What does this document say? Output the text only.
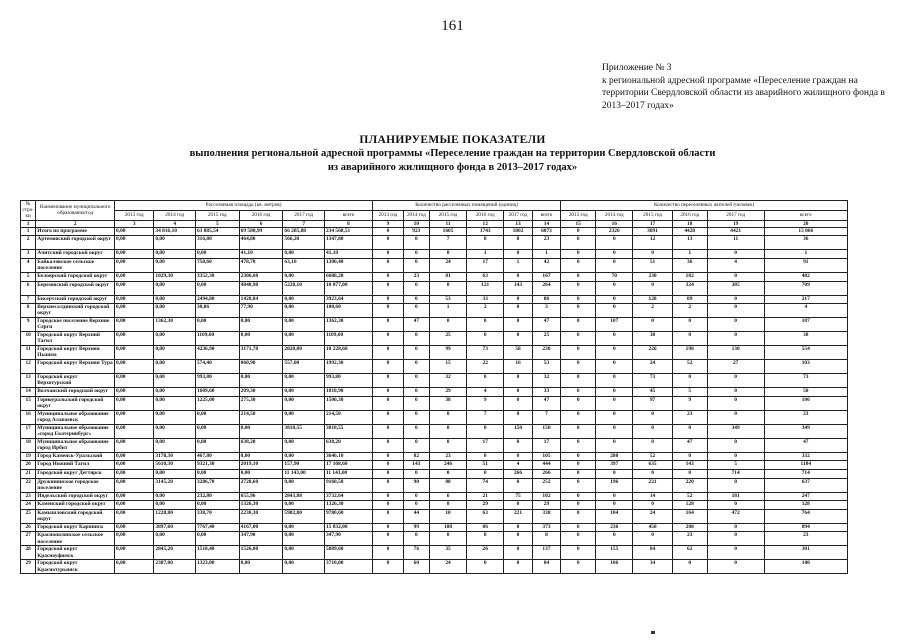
161
Приложение № 3
к региональной адресной программе «Переселение граждан на
территории Свердловской области из аварийного жилищного фонда в
2013–2017 годах»
ПЛАНИРУЕМЫЕ ПОКАЗАТЕЛИ
выполнения региональной адресной программы «Переселение граждан на территории Свердловской области
из аварийного жилищного фонда в 2013–2017 годах»
№ стро- ки	Наименование муниципального образования/год	Расселяемая площадь (кв. метров)						Количество расселенных помещений (единиц)						Количество переселенных жителей (человек)					
		2013 год	2014 год	2015 год	2016 год	2017 год	всего	2013 год	2014 год	2015 год	2016 год	2017 год	всего	2013 год	2014 год	2015 год	2016 год	2017 год	всего
1	2	3	4	5	6	7	8	9	10	11	12	13	14	15	16	17	18	19	20
1	Итого по программе	0,00	34 816,10	63 885,54	69 580,99	66 285,88	234 568,51	0	923	1605	1743	1802	6073	0	2326	3891	4428	4421	15 066
2	Артемовский городской округ	0,00	0,00	316,80	464,80	566,20	1347,80	0	0	7	8	8	23	0	0	12	13	11	36
3	Ачитский городской округ	0,00	0,00	0,00	41,10	0,00	41,10	0	0	0	1	0	1	0	0	0	1	0	1
4	Байкаловское сельское поселение	0,00	0,00	758,60	478,70	63,10	1300,40	0	0	24	17	1	42	0	0	51	36	4	91
5	Белоярский городской округ	0,00	1029,30	3352,30	2306,60	0,00	6688,20	0	23	81	63	0	167	0	70	230	182	0	482
6	Березовский городской округ	0,00	0,00	0,00	4848,90	5228,10	10 077,00	0	0	0	121	143	264	0	0	0	324	385	709
7	Бисертский городской округ	0,00	0,00	2494,80	1428,84	0,00	3923,64	0	0	53	33	0	86	0	0	128	89	0	217
8	Верхнесалдинский городской округ	0,00	0,00	30,86	77,90	0,00	108,60	0	0	1	2	0	3	0	0	2	2	0	4
9	Городское поселение Верхние Серги	0,00	1362,30	0,00	0,00	0,00	1362,30	0	47	0	0	0	47	0	107	0	0	0	107
10	Городской округ Верхний Тагил	0,00	0,00	1109,60	0,00	0,00	1109,60	0	0	25	0	0	25	0	0	38	0	0	38
11	Городской округ Верхняя Пышма	0,00	0,00	4236,90	3171,70	2820,00	10 228,60	0	0	99	73	58	230	0	0	226	198	130	554
12	Городской округ Верхняя Тура	0,00	0,00	574,40	860,90	557,00	1992,30	0	0	15	22	16	53	0	0	24	52	27	103
13	Городской округ Верхотурский	0,00	0,00	993,80	0,00	0,00	993,80	0	0	32	0	0	32	0	0	73	0	0	73
14	Волчанский городской округ	0,00	0,00	1609,60	209,30	0,00	1818,90	0	0	29	4	0	33	0	0	45	5	0	50
15	Горноуральский городской округ	0,00	0,00	1225,00	275,30	0,00	1500,30	0	0	38	9	0	47	0	0	97	9	0	106
16	Муниципальное образование город Алапаевск	0,00	0,00	0,00	214,50	0,00	214,50	0	0	0	7	0	7	0	0	0	23	0	23
17	Муниципальное образование «город Екатеринбург»	0,00	0,00	0,00	0,00	3818,55	3818,55	0	0	0	0	150	150	0	0	0	0	349	349
18	Муниципальное образование город Ирбит	0,00	0,00	0,00	638,20	0,00	638,20	0	0	0	17	0	17	0	0	0	47	0	47
19	Город Каменск-Уральский	0,00	3178,30	467,80	0,00	0,00	3646,10	0	82	23	0	0	105	0	280	52	0	0	332
20	Город Нижний Тагил	0,00	5610,30	9321,30	2019,10	157,90	17 108,60	0	143	246	51	4	444	0	397	635	143	5	1184
21	Городской округ Дегтярск	0,00	0,00	0,00	0,00	11 143,00	11 143,00	0	0	0	0	266	266	0	0	0	0	714	714
22	Дружининское городское поселение	0,00	3145,20	3286,70	2728,60	0,00	9160,50	0	90	88	74	0	252	0	196	221	220	0	637
23	Ивдельский городской округ	0,00	0,00	232,80	655,96	2843,88	3732,64	0	0	6	21	75	102	0	0	14	52	181	247
24	Каменский городской округ	0,00	0,00	0,00	1326,30	0,00	1326,30	0	0	0	29	0	29	0	0	0	128	0	128
25	Камышловский городской округ	0,00	1228,80	338,70	2230,30	5982,80	9780,60	0	44	10	63	221	338	0	104	24	164	472	764
26	Городской округ Карпинск	0,00	3897,60	7767,40	4167,00	0,00	15 832,00	0	99	188	86	0	373	0	236	450	208	0	894
27	Краснополянское сельское поселение	0,00	0,00	0,00	347,90	0,00	347,90	0	0	0	8	0	8	0	0	0	23	0	23
28	Городской округ Красноуфимск	0,00	2845,20	1518,40	1526,00	0,00	5889,60	0	76	35	26	0	137	0	155	84	62	0	301
29	Городской округ Краснотурьинск	0,00	2387,00	1323,00	0,00	0,00	3710,00	0	60	24	0	0	84	0	106	34	0	0	140
